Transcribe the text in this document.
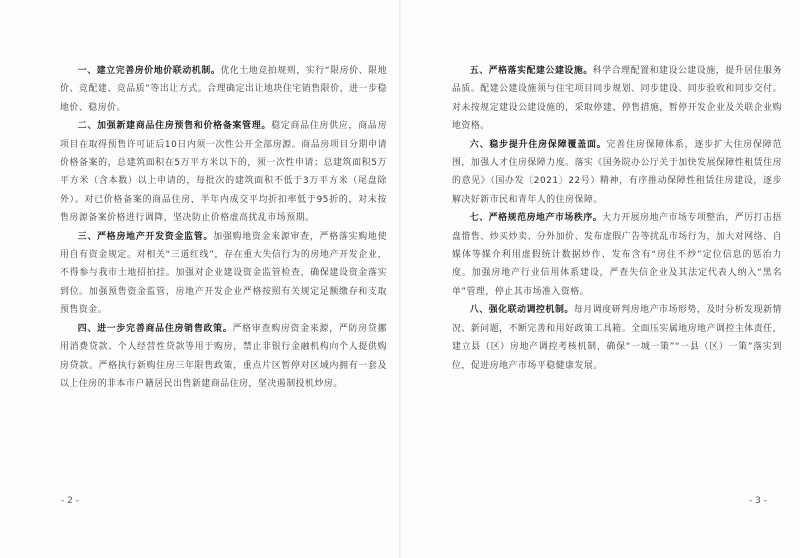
一、建立完善房价地价联动机制。优化土地竞拍规则，实行“限房价、限地价、竞配建、竞品质”等出让方式。合理确定出让地块住宅销售限价，进一步稳地价、稳房价。

二、加强新建商品住房预售和价格备案管理。稳定商品住房供应，商品房项目在取得预售许可证后10日内须一次性公开全部房源。商品房项目分期申请价格备案的，总建筑面积在5万平方米以下的，须一次性申请；总建筑面积5万平方米（含本数）以上申请的，每批次的建筑面积不低于3万平方米（尾盘除外）。对已价格备案的商品住房，半年内成交平均折扣率低于95折的，对未按售房源备案价格进行调降，坚决防止价格虚高扰乱市场预期。

三、严格房地产开发资金监管。加强购地资金来源审查，严格落实购地使用自有资金规定。对相关“三道红线”，存在重大失信行为的房地产开发企业，不得参与我市土地招拍挂。加强对企业建设资金监管检查，确保建设资金落实到位。加强预售资金监管，房地产开发企业严格按照有关规定足额缴存和支取预售资金。

四、进一步完善商品住房销售政策。严格审查购房资金来源，严防房贷挪用消费贷款、个人经营性贷款等用于购房，禁止非银行金融机构向个人提供购房贷款。严格执行新购住房三年限售政策，重点片区暂停对区域内拥有一套及以上住房的非本市户籍居民出售新建商品住房，坚决遏制投机炒房。

五、严格落实配建公建设施。科学合理配置和建设公建设施，提升居住服务品质。配建公建设施须与住宅项目同步规划、同步建设、同步验收和同步交付。对未按规定建设公建设施的，采取停建、停售措施，暂停开发企业及关联企业购地资格。

六、稳步提升住房保障覆盖面。完善住房保障体系，逐步扩大住房保障范围，加强人才住房保障力度。落实《国务院办公厅关于加快发展保障性租赁住房的意见》（国办发〔2021〕22号）精神，有序推动保障性租赁住房建设，逐步解决好新市民和青年人的住房保障。

七、严格规范房地产市场秩序。大力开展房地产市场专项整治，严厉打击捂盘惜售、炒买炒卖、分外加价、发布虚假广告等扰乱市场行为，加大对网络、自媒体等媒介利用虚假统计数据炒作、发布含有“房住不炒”定位信息的惩治力度。加强房地产行业信用体系建设，严查失信企业及其法定代表人纳入“黑名单”管理，停止其市场准入资格。

八、强化联动调控机制。每月调度研判房地产市场形势，及时分析发现新情况、新问题，不断完善和用好政策工具箱。全面压实属地房地产调控主体责任，建立县（区）房地产调控考核机制，确保“一城一策”“一县（区）一策”落实到位，促进房地产市场平稳健康发展。

- 2 -	- 3 -
